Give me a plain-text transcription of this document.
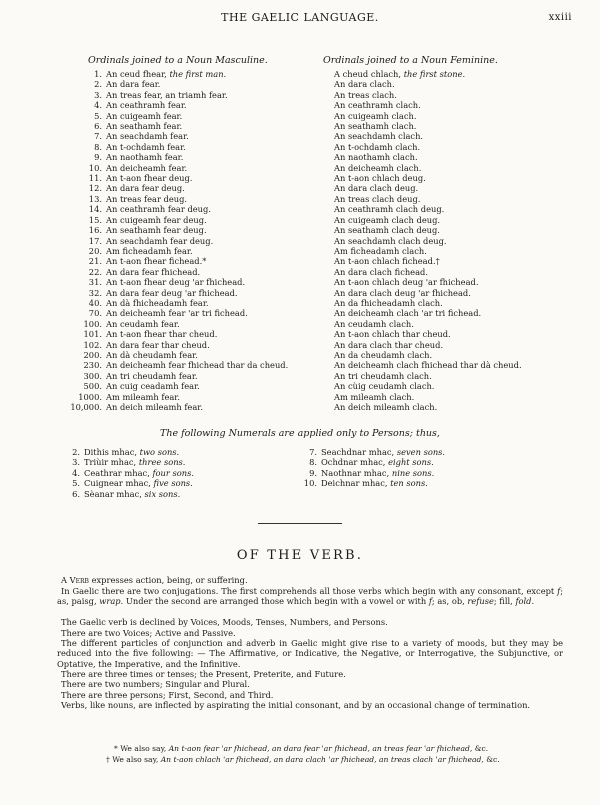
THE GAELIC LANGUAGE.	xxiii
Ordinals joined to a Noun Masculine.	Ordinals joined to a Noun Feminine.
1. An ceud fhear, the first man.
2. An dara fear.
3. An treas fear, an triamh fear.
4. An ceathramh fear.
5. An cuigeamh fear.
6. An seathamh fear.
7. An seachdamh fear.
8. An t-ochdamh fear.
9. An naothamh fear.
10. An deicheamh fear.
11. An t-aon fhear deug.
12. An dara fear deug.
13. An treas fear deug.
14. An ceathramh fear deug.
15. An cuigeamh fear deug.
16. An seathamh fear deug.
17. An seachdamh fear deug.
20. Am ficheadamh fear.
21. An t-aon fhear fichead.*
22. An dara fear fhichead.
31. An t-aon fhear deug 'ar fhichead.
32. An dara fear deug 'ar fhichead.
40. An dà fhicheadamh fear.
70. An deicheamh fear 'ar tri fichead.
100. An ceudamh fear.
101. An t-aon fhear thar cheud.
102. An dara fear thar cheud.
200. An dà cheudamh fear.
230. An deicheamh fear fhichead thar da cheud.
300. An tri cheudamh fear.
500. An cuig ceadamh fear.
1000. Am mileamh fear.
10,000. An deich mileamh fear.
A cheud chlach, the first stone.
An dara clach.
An treas clach.
An ceathramh clach.
An cuigeamh clach.
An seathamh clach.
An seachdamh clach.
An t-ochdamh clach.
An naothamh clach.
An deicheamh clach.
An t-aon chlach deug.
An dara clach deug.
An treas clach deug.
An ceathramh clach deug.
An cuigeamh clach deug.
An seathamh clach deug.
An seachdamh clach deug.
Am ficheadamh clach.
An t-aon chlach fichead.†
An dara clach fichead.
An t-aon chlach deug 'ar fhichead.
An dara clach deug 'ar fhichead.
An da fhicheadamh clach.
An deicheamh clach 'ar tri fichead.
An ceudamh clach.
An t-aon chlach thar cheud.
An dara clach thar cheud.
An da cheudamh clach.
An deicheamh clach fhichead thar dà cheud.
An tri cheudamh clach.
An cùig ceudamh clach.
Am mileamh clach.
An deich mileamh clach.
The following Numerals are applied only to Persons; thus,
2. Dithis mhac, two sons.
3. Triùir mhac, three sons.
4. Ceathrar mhac, four sons.
5. Cuignear mhac, five sons.
6. Sèanar mhac, six sons.
7. Seachdnar mhac, seven sons.
8. Ochdnar mhac, eight sons.
9. Naothnar mhac, nine sons.
10. Deichnar mhac, ten sons.
OF THE VERB.
A Verb expresses action, being, or suffering.
In Gaelic there are two conjugations. The first comprehends all those verbs which begin with any consonant, except f; as, paisg, wrap. Under the second are arranged those which begin with a vowel or with f; as, ob, refuse; fill, fold.
The Gaelic verb is declined by Voices, Moods, Tenses, Numbers, and Persons.
There are two Voices; Active and Passive.
The different particles of conjunction and adverb in Gaelic might give rise to a variety of moods, but they may be reduced into the five following: — The Affirmative, or Indicative, the Negative, or Interrogative, the Subjunctive, or Optative, the Imperative, and the Infinitive.
There are three times or tenses; the Present, Preterite, and Future.
There are two numbers; Singular and Plural.
There are three persons; First, Second, and Third.
Verbs, like nouns, are inflected by aspirating the initial consonant, and by an occasional change of termination.
* We also say, An t-aon fear 'ar fhichead, an dara fear 'ar fhichead, an treas fear 'ar fhichead, &c.
† We also say, An t-aon chlach 'ar fhichead, an dara clach 'ar fhichead, an treas clach 'ar fhichead, &c.
